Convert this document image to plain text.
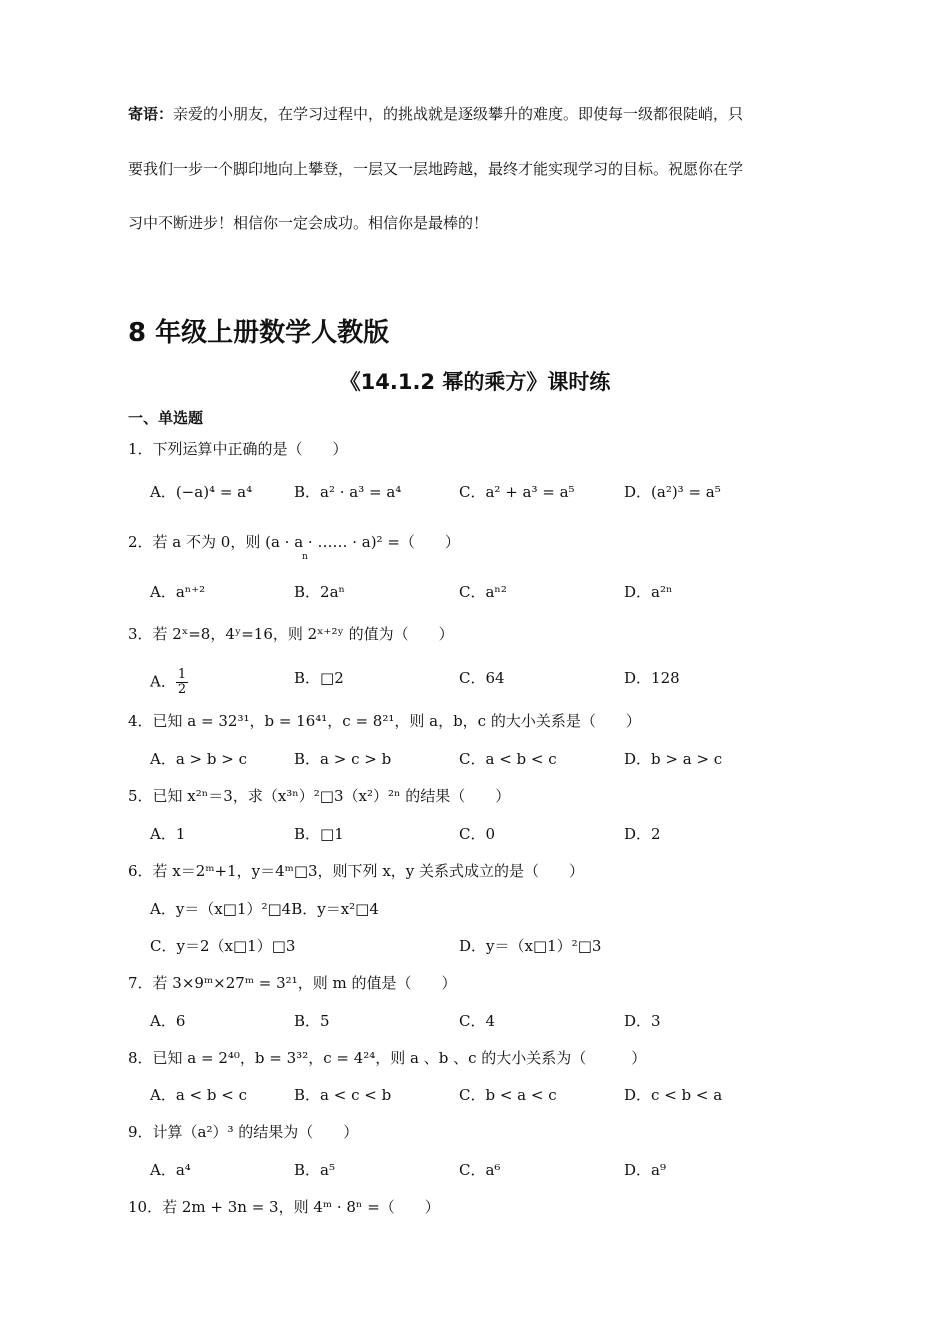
寄语：亲爱的小朋友，在学习过程中，的挑战就是逐级攀升的难度。即使每一级都很陡峭，只
要我们一步一个脚印地向上攀登，一层又一层地跨越，最终才能实现学习的目标。祝愿你在学
习中不断进步！相信你一定会成功。相信你是最棒的！
8 年级上册数学人教版
《14.1.2 幂的乘方》课时练
一、单选题
1．下列运算中正确的是（　　）
A．(−a)⁴ = a⁴	B．a² · a³ = a⁴	C．a² + a³ = a⁵	D．(a²)³ = a⁵
2．若 a 不为 0，则 (a · a · …… · a)² =（　　）
n
A．aⁿ⁺²	B．2aⁿ	C．aⁿ²	D．a²ⁿ
3．若 2ˣ=8，4ʸ=16，则 2ˣ⁺²ʸ 的值为（　　）
A． $\frac{1}{2}$	B．□2	C．64	D．128
4．已知 a = 32³¹，b = 16⁴¹，c = 8²¹，则 a，b，c 的大小关系是（　　）
A．a > b > c	B．a > c > b	C．a < b < c	D．b > a > c
5．已知 x²ⁿ＝3，求（x³ⁿ）²□3（x²）²ⁿ 的结果（　　）
A．1	B．□1	C．0	D．2
6．若 x＝2ᵐ+1，y＝4ᵐ□3，则下列 x，y 关系式成立的是（　　）
A．y＝（x□1）²□4B．y＝x²□4
C．y＝2（x□1）□3	D．y＝（x□1）²□3
7．若 3×9ᵐ×27ᵐ = 3²¹，则 m 的值是（　　）
A．6	B．5	C．4	D．3
8．已知 a = 2⁴⁰，b = 3³²，c = 4²⁴，则 a 、b 、c 的大小关系为（　　　）
A．a < b < c	B．a < c < b	C．b < a < c	D．c < b < a
9．计算（a²）³ 的结果为（　　）
A．a⁴	B．a⁵	C．a⁶	D．a⁹
10．若 2m + 3n = 3，则 4ᵐ · 8ⁿ =（　　）
